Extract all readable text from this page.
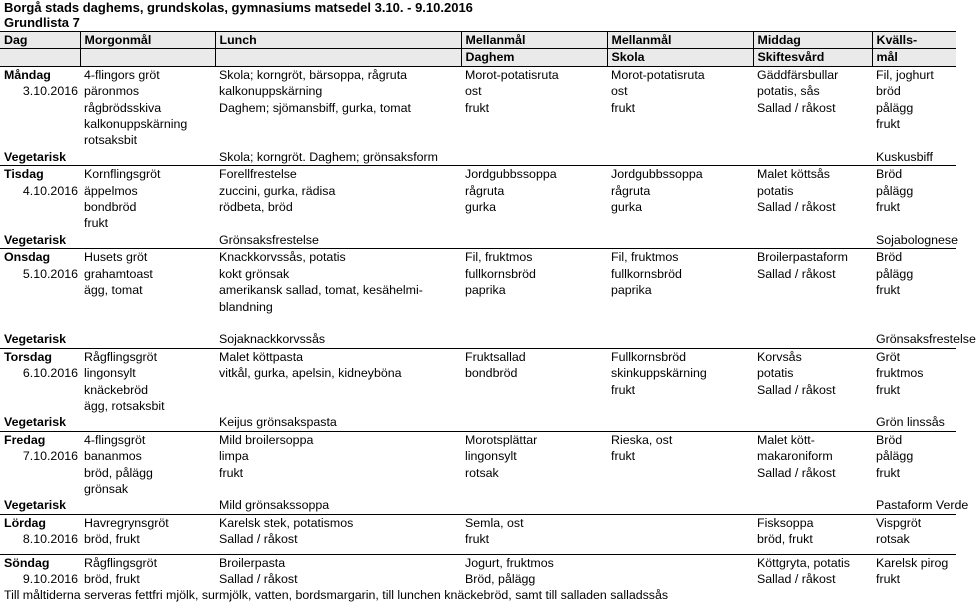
Borgå stads daghems, grundskolas, gymnasiums matsedel 3.10. - 9.10.2016
Grundlista 7
Dag	Morgonmål	Lunch	Mellanmål	Mellanmål	Middag	Kvälls-
			Daghem	Skola	Skiftesvård	mål
Måndag	4-flingors gröt	Skola; korngröt, bärsoppa, rågruta	Morot-potatisruta	Morot-potatisruta	Gäddfärsbullar	Fil, joghurt
3.10.2016	päronmos	kalkonuppskärning	ost	ost	potatis, sås	bröd
	rågbrödsskiva	Daghem; sjömansbiff, gurka, tomat	frukt	frukt	Sallad / råkost	pålägg
	kalkonuppskärning					frukt
	rotsaksbit					
Vegetarisk		Skola; korngröt. Daghem; grönsaksform				Kuskusbiff
Tisdag	Kornflingsgröt	Forellfrestelse	Jordgubbssoppa	Jordgubbssoppa	Malet köttsås	Bröd
4.10.2016	äppelmos	zuccini, gurka, rädisa	rågruta	rågruta	potatis	pålägg
	bondbröd	rödbeta, bröd	gurka	gurka	Sallad / råkost	frukt
	frukt					
Vegetarisk		Grönsaksfrestelse				Sojabolognese
Onsdag	Husets gröt	Knackkorvssås, potatis	Fil, fruktmos	Fil, fruktmos	Broilerpastaform	Bröd
5.10.2016	grahamtoast	kokt grönsak	fullkornsbröd	fullkornsbröd	Sallad / råkost	pålägg
	ägg, tomat	amerikansk sallad, tomat, kesähelmi-	paprika	paprika		frukt
		blandning				

Vegetarisk		Sojaknackkorvssås				Grönsaksfrestelse
Torsdag	Rågflingsgröt	Malet köttpasta	Fruktsallad	Fullkornsbröd	Korvsås	Gröt
6.10.2016	lingonsylt	vitkål, gurka, apelsin, kidneyböna	bondbröd	skinkuppskärning	potatis	fruktmos
	knäckebröd			frukt	Sallad / råkost	frukt
	ägg, rotsaksbit					
Vegetarisk		Keijus grönsakspasta				Grön linssås
Fredag	4-flingsgröt	Mild broilersoppa	Morotsplättar	Rieska, ost	Malet kött-	Bröd
7.10.2016	bananmos	limpa	lingonsylt	frukt	makaroniform	pålägg
	bröd, pålägg	frukt	rotsak		Sallad / råkost	frukt
	grönsak					
Vegetarisk		Mild grönsakssoppa				Pastaform Verde
Lördag	Havregrynsgröt	Karelsk stek, potatismos	Semla, ost		Fisksoppa	Vispgröt
8.10.2016	bröd, frukt	Sallad / råkost	frukt		bröd, frukt	rotsak

Söndag	Rågflingsgröt	Broilerpasta	Jogurt, fruktmos		Köttgryta, potatis	Karelsk pirog
9.10.2016	bröd, frukt	Sallad / råkost	Bröd, pålägg		Sallad / råkost	frukt
Till måltiderna serveras fettfri mjölk, surmjölk, vatten, bordsmargarin, till lunchen knäckebröd, samt till salladen salladssås
